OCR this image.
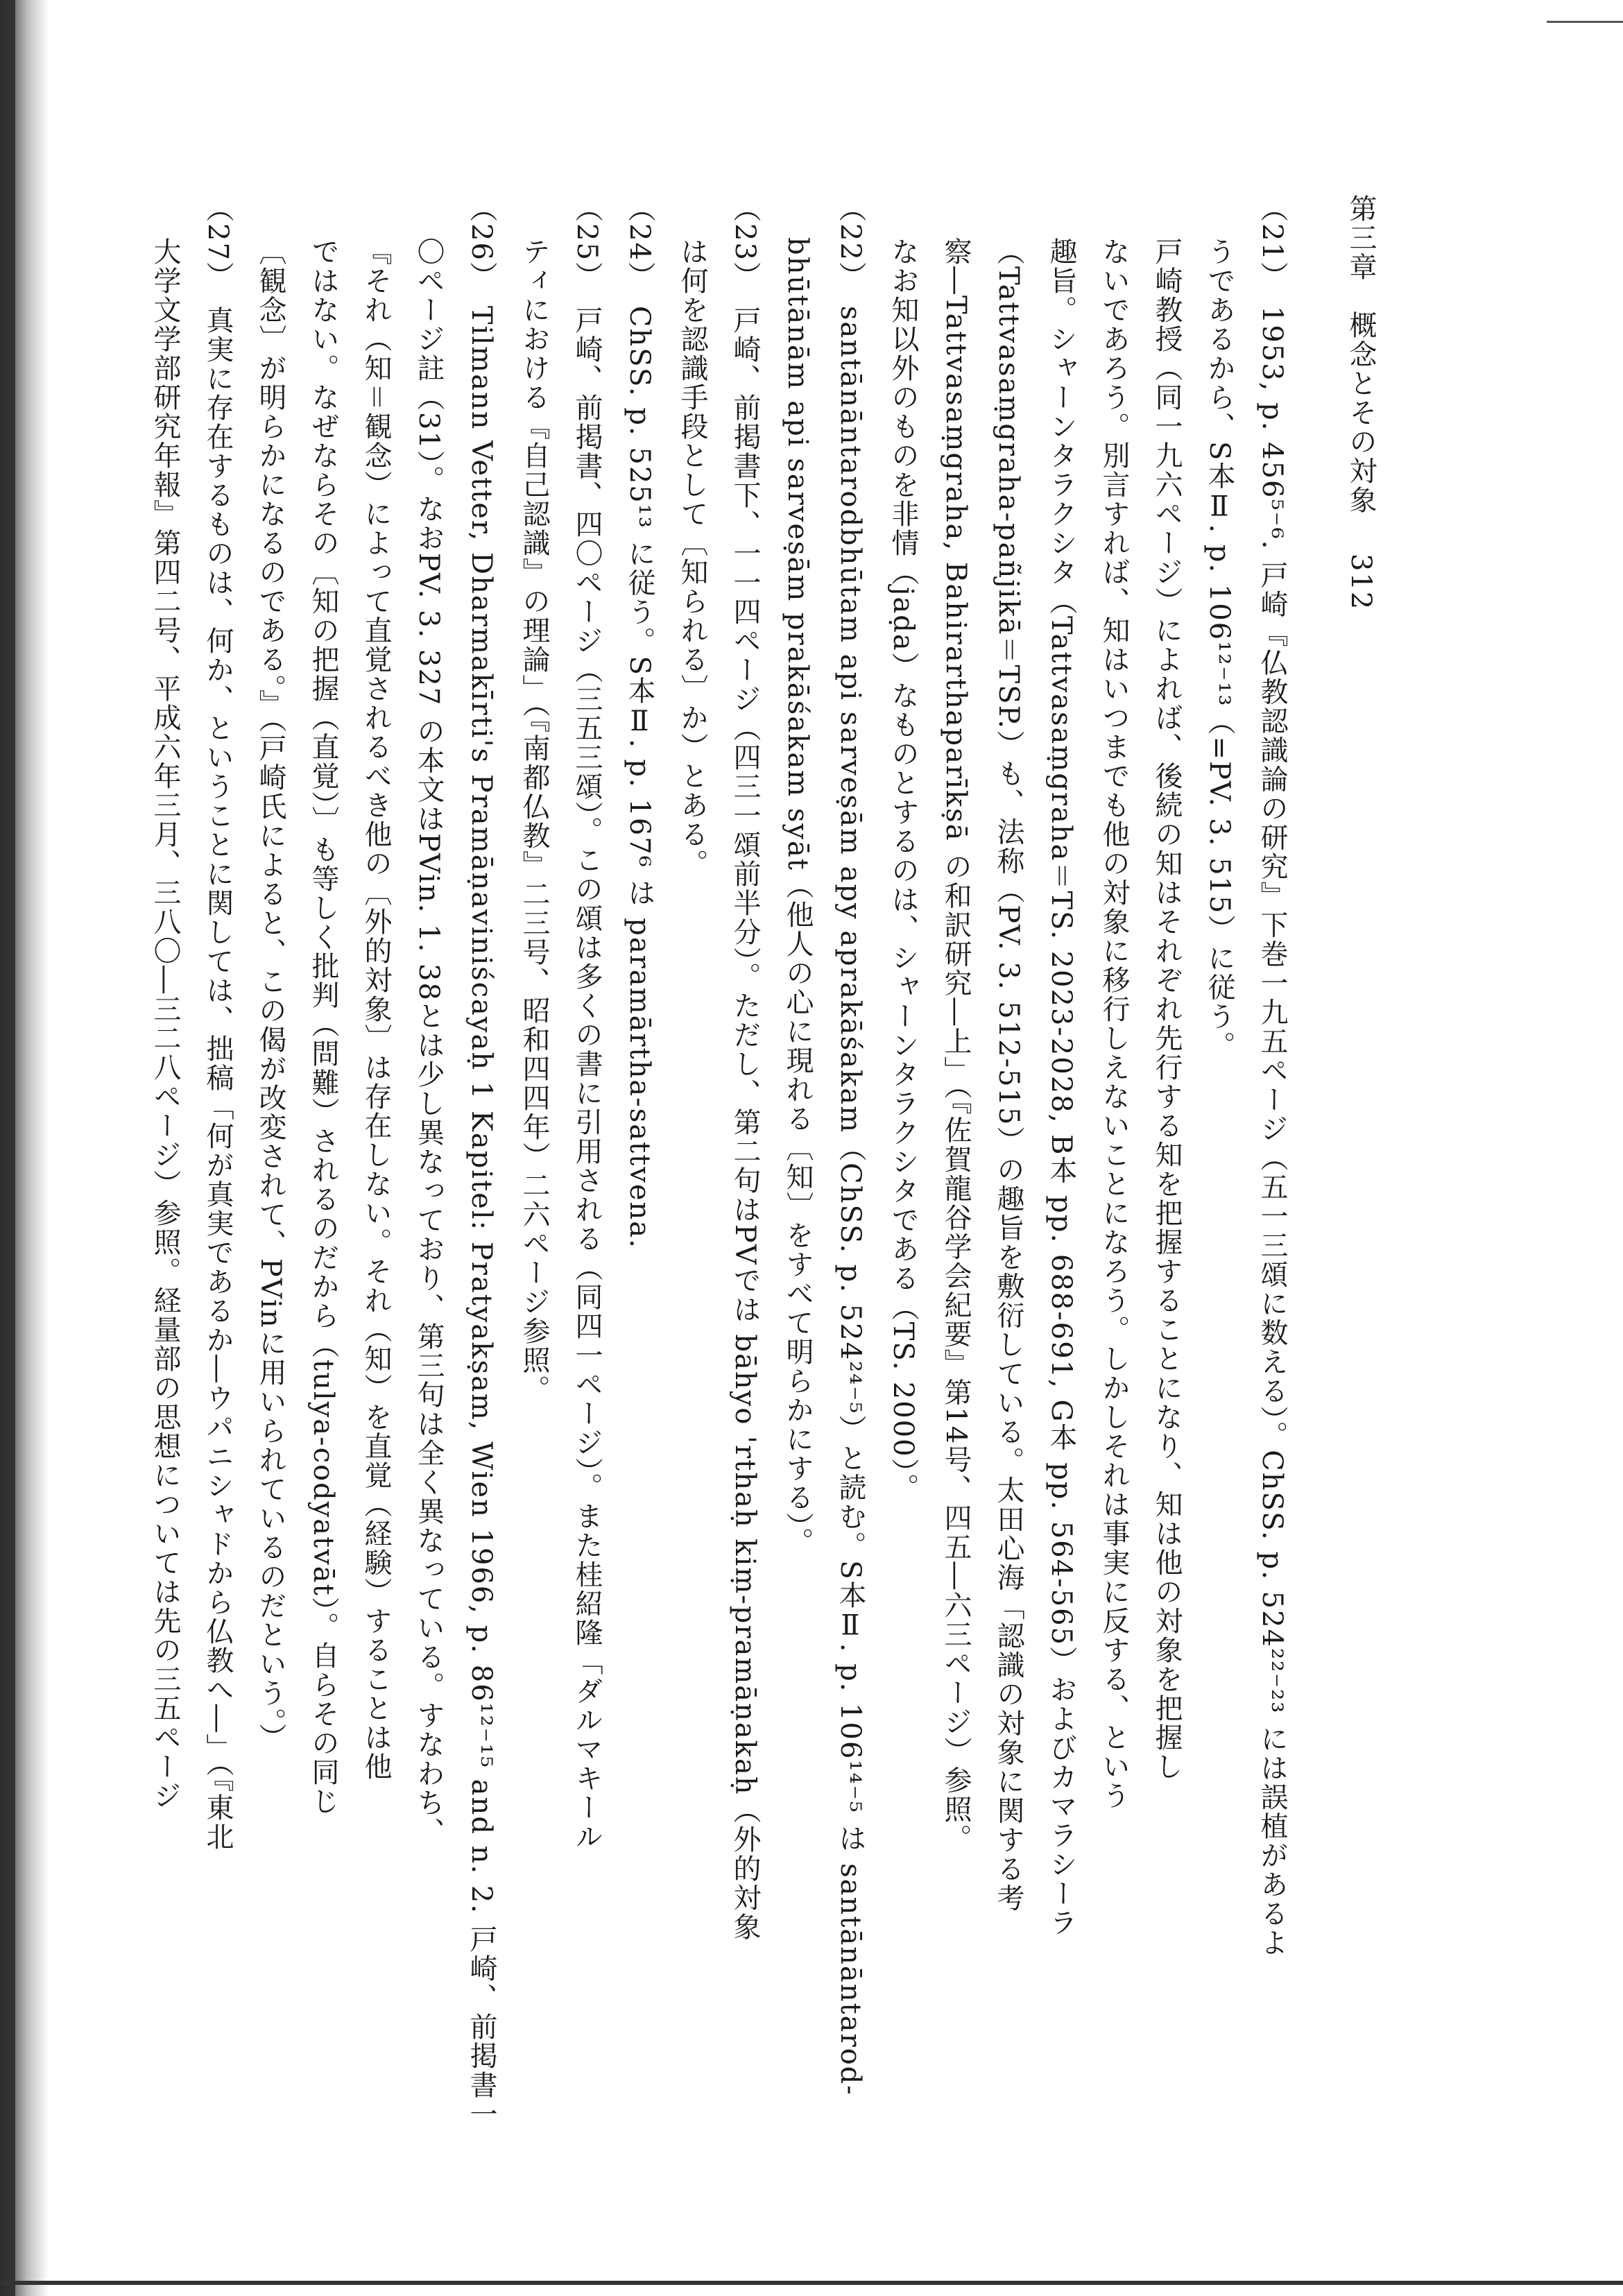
第三章　概念とその対象312
（21）　1953, p. 456⁵⁻⁶. 戸崎『仏教認識論の研究』下巻一九五ページ（五一三頌に数える）。ChSS. p. 524²²⁻²³ には誤植があるよ
うであるから、S本Ⅱ. p. 106¹²⁻¹³（=PV. 3. 515）に従う。
戸崎教授（同一九六ページ）によれば、後続の知はそれぞれ先行する知を把握することになり、知は他の対象を把握し
ないであろう。別言すれば、知はいつまでも他の対象に移行しえないことになろう。しかしそれは事実に反する、という
趣旨。シャーンタラクシタ（Tattvasaṃgraha＝TS. 2023-2028, B本 pp. 688-691, G本 pp. 564-565）およびカマラシーラ
（Tattvasaṃgraha-pañjikā＝TSP.）も、法称（PV. 3. 512-515）の趣旨を敷衍している。太田心海「認識の対象に関する考
察―Tattvasaṃgraha, Bahirarthaparīkṣā の和訳研究―上」（『佐賀龍谷学会紀要』第14号、四五―六三ページ）参照。
なお知以外のものを非情（jaḍa）なものとするのは、シャーンタラクシタである（TS. 2000）。
（22）　santānāntarodbhūtam api sarveṣām apy aprakāśakam（ChSS. p. 524²⁴⁻⁵）と読む。S本Ⅱ. p. 106¹⁴⁻⁵ は santānāntarod-
bhūtānām api sarveṣām prakāśakam syāt（他人の心に現れる〔知〕をすべて明らかにする）。
（23）　戸崎、前掲書下、一一四ページ（四三一頌前半分）。ただし、第二句はPVでは bāhyo 'rthaḥ kiṃ-pramāṇakaḥ（外的対象
は何を認識手段として〔知られる〕か）とある。
（24）　ChSS. p. 525¹³ に従う。S本Ⅱ. p. 167⁶ は paramārtha-sattvena.
（25）　戸崎、前掲書、四〇ページ（三五三頌）。この頌は多くの書に引用される（同四一ページ）。また桂紹隆「ダルマキール
ティにおける『自己認識』の理論」（『南都仏教』二三号、昭和四四年）二六ページ参照。
（26）　Tilmann Vetter, Dharmakīrti's Pramāṇaviniścayaḥ 1 Kapitel: Pratyakṣam, Wien 1966, p. 86¹²⁻¹⁵ and n. 2. 戸崎、前掲書一
〇ページ註（31）。なおPV. 3. 327 の本文はPVin. 1. 38とは少し異なっており、第三句は全く異なっている。すなわち、
『それ（知＝観念）によって直覚されるべき他の〔外的対象〕は存在しない。それ（知）を直覚（経験）することは他
ではない。なぜならその〔知の把握（直覚）〕も等しく批判（問難）されるのだから（tulya-codyatvāt）。自らその同じ
〔観念〕が明らかになるのである。』（戸崎氏によると、この偈が改変されて、PVinに用いられているのだという。）
（27）　真実に存在するものは、何か、ということに関しては、拙稿「何が真実であるか―ウパニシャドから仏教へ―」（『東北
大学文学部研究年報』第四二号、平成六年三月、三八〇―三二八ページ）参照。経量部の思想については先の三五ページ
